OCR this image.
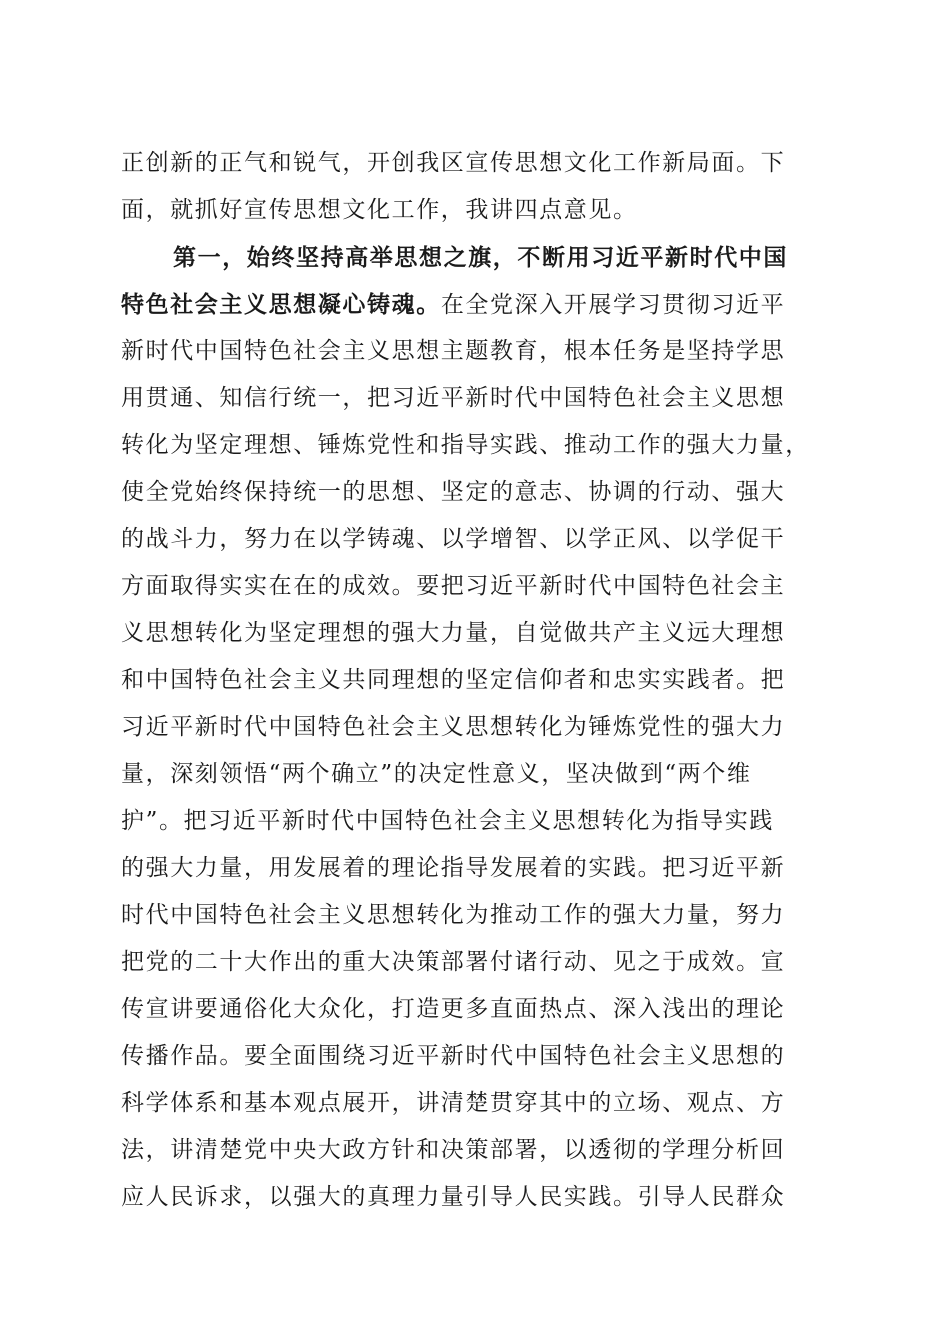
正创新的正气和锐气，开创我区宣传思想文化工作新局面。下
面，就抓好宣传思想文化工作，我讲四点意见。
第一，始终坚持高举思想之旗，不断用习近平新时代中国
特色社会主义思想凝心铸魂。在全党深入开展学习贯彻习近平
新时代中国特色社会主义思想主题教育，根本任务是坚持学思
用贯通、知信行统一，把习近平新时代中国特色社会主义思想
转化为坚定理想、锤炼党性和指导实践、推动工作的强大力量，
使全党始终保持统一的思想、坚定的意志、协调的行动、强大
的战斗力，努力在以学铸魂、以学增智、以学正风、以学促干
方面取得实实在在的成效。要把习近平新时代中国特色社会主
义思想转化为坚定理想的强大力量，自觉做共产主义远大理想
和中国特色社会主义共同理想的坚定信仰者和忠实实践者。把
习近平新时代中国特色社会主义思想转化为锤炼党性的强大力
量，深刻领悟“两个确立”的决定性意义，坚决做到“两个维
护”。把习近平新时代中国特色社会主义思想转化为指导实践
的强大力量，用发展着的理论指导发展着的实践。把习近平新
时代中国特色社会主义思想转化为推动工作的强大力量，努力
把党的二十大作出的重大决策部署付诸行动、见之于成效。宣
传宣讲要通俗化大众化，打造更多直面热点、深入浅出的理论
传播作品。要全面围绕习近平新时代中国特色社会主义思想的
科学体系和基本观点展开，讲清楚贯穿其中的立场、观点、方
法，讲清楚党中央大政方针和决策部署，以透彻的学理分析回
应人民诉求，以强大的真理力量引导人民实践。引导人民群众
